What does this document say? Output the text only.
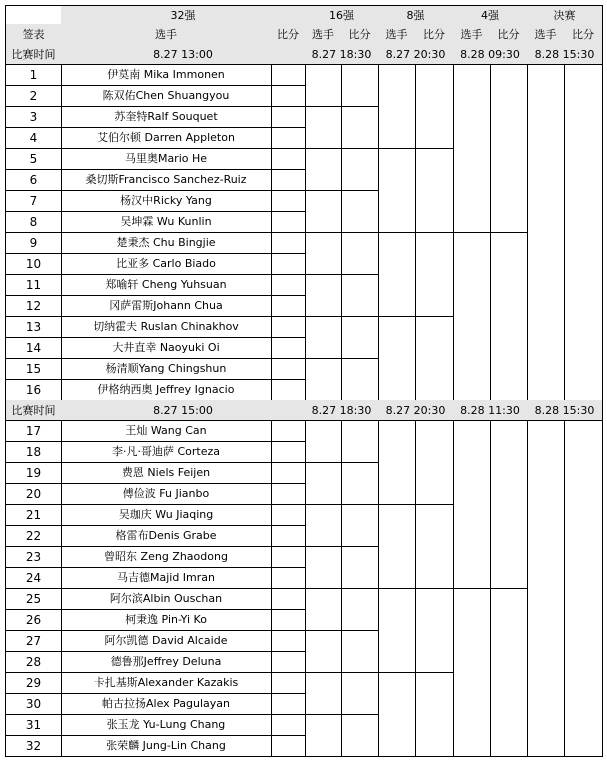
32强	16强	8强	4强	决赛
签表	选手	比分	选手	比分	选手	比分	选手	比分	选手	比分
比赛时间	8.27 13:00	8.27 18:30	8.27 20:30	8.28 09:30	8.28 15:30
1	伊莫南 Mika Immonen
2	陈双佑Chen Shuangyou
3	苏奎特Ralf Souquet
4	艾伯尔顿 Darren Appleton
5	马里奥Mario He
6	桑切斯Francisco Sanchez-Ruiz
7	杨汉中Ricky Yang
8	吴坤霖 Wu Kunlin
9	楚秉杰 Chu Bingjie
10	比亚多 Carlo Biado
11	郑喻轩 Cheng Yuhsuan
12	冈萨雷斯Johann Chua
13	切纳霍夫 Ruslan Chinakhov
14	大井直幸 Naoyuki Oi
15	杨清顺Yang Chingshun
16	伊格纳西奥 Jeffrey Ignacio
比赛时间	8.27 15:00	8.27 18:30	8.27 20:30	8.28 11:30	8.28 15:30
17	王灿 Wang Can
18	李·凡·哥迪萨 Corteza
19	费恩 Niels Feijen
20	傅俭波 Fu Jianbo
21	吴珈庆 Wu Jiaqing
22	格雷布Denis Grabe
23	曾昭东 Zeng Zhaodong
24	马吉德Majid Imran
25	阿尔滨Albin Ouschan
26	柯秉逸 Pin-Yi Ko
27	阿尔凯德 David Alcaide
28	德鲁那Jeffrey Deluna
29	卡扎基斯Alexander Kazakis
30	帕古拉扬Alex Pagulayan
31	张玉龙 Yu-Lung Chang
32	张荣麟 Jung-Lin Chang
